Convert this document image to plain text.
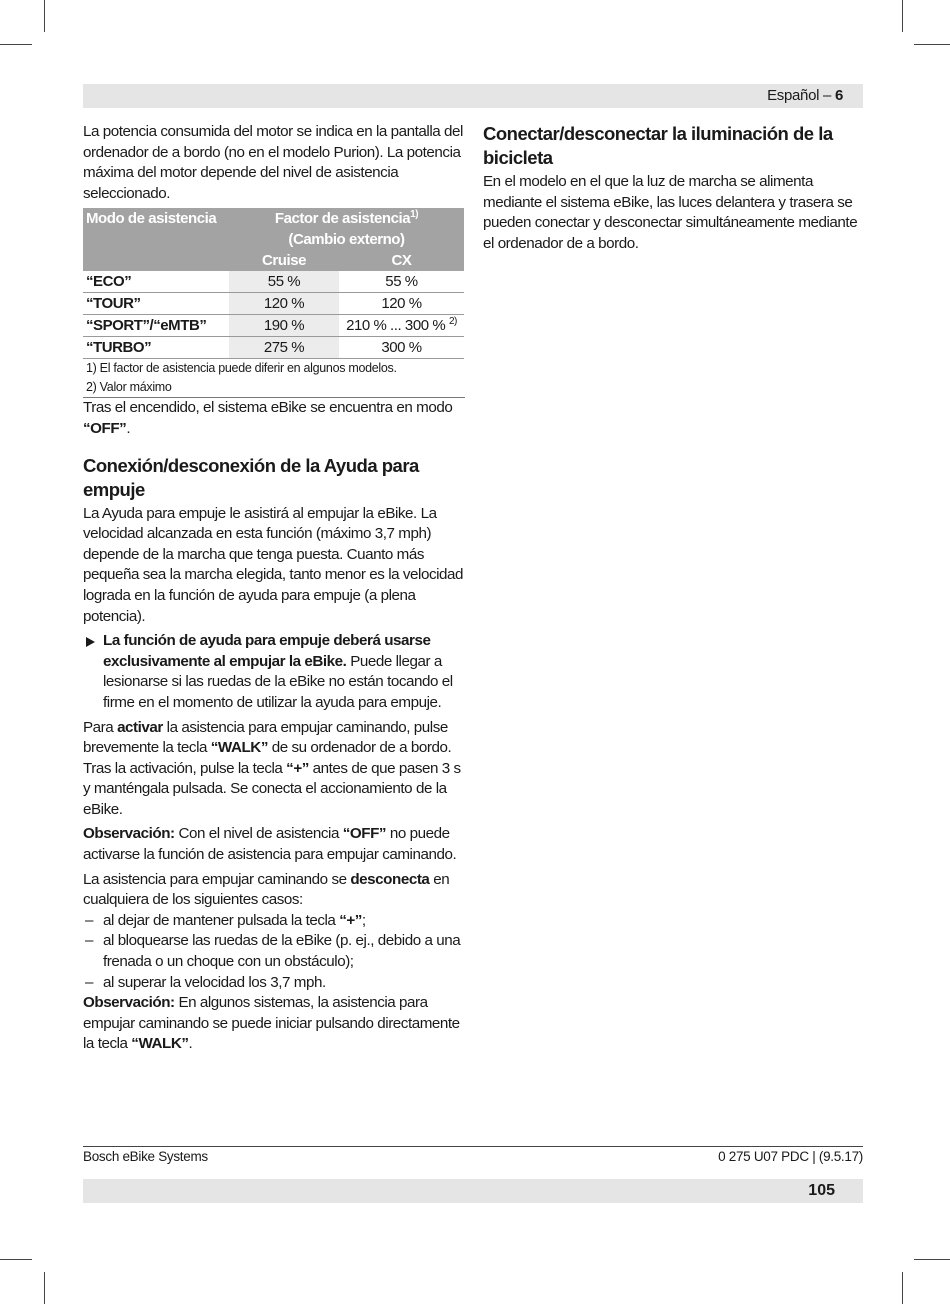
Español – 6

La potencia consumida del motor se indica en la pantalla del ordenador de a bordo (no en el modelo Purion). La potencia máxima del motor depende del nivel de asistencia seleccionado.

Modo de asistencia	Factor de asistencia$^{1)}$
(Cambio externo)	
	Cruise	CX
“ECO”	55 %	55 %
“TOUR”	120 %	120 %
“SPORT”/“eMTB”	190 %	210 % ... 300 % $^{2)}$
“TURBO”	275 %	300 %
1) El factor de asistencia puede diferir en algunos modelos.
2) Valor máximo

Tras el encendido, el sistema eBike se encuentra en modo “OFF”.

Conexión/desconexión de la Ayuda para empuje

La Ayuda para empuje le asistirá al empujar la eBike. La velocidad alcanzada en esta función (máximo 3,7 mph) depende de la marcha que tenga puesta. Cuanto más pequeña sea la marcha elegida, tanto menor es la velocidad lograda en la función de ayuda para empuje (a plena potencia).

La función de ayuda para empuje deberá usarse exclusivamente al empujar la eBike. Puede llegar a lesionarse si las ruedas de la eBike no están tocando el firme en el momento de utilizar la ayuda para empuje.

Para activar la asistencia para empujar caminando, pulse brevemente la tecla “WALK” de su ordenador de a bordo. Tras la activación, pulse la tecla “+” antes de que pasen 3 s y manténgala pulsada. Se conecta el accionamiento de la eBike.

Observación: Con el nivel de asistencia “OFF” no puede activarse la función de asistencia para empujar caminando.

La asistencia para empujar caminando se desconecta en cualquiera de los siguientes casos:

– al dejar de mantener pulsada la tecla “+”;
– al bloquearse las ruedas de la eBike (p. ej., debido a una frenada o un choque con un obstáculo);
– al superar la velocidad los 3,7 mph.

Observación: En algunos sistemas, la asistencia para empujar caminando se puede iniciar pulsando directamente la tecla “WALK”.

Conectar/desconectar la iluminación de la bicicleta

En el modelo en el que la luz de marcha se alimenta mediante el sistema eBike, las luces delantera y trasera se pueden conectar y desconectar simultáneamente mediante el ordenador de a bordo.

Bosch eBike Systems	0 275 U07 PDC | (9.5.17)
105
